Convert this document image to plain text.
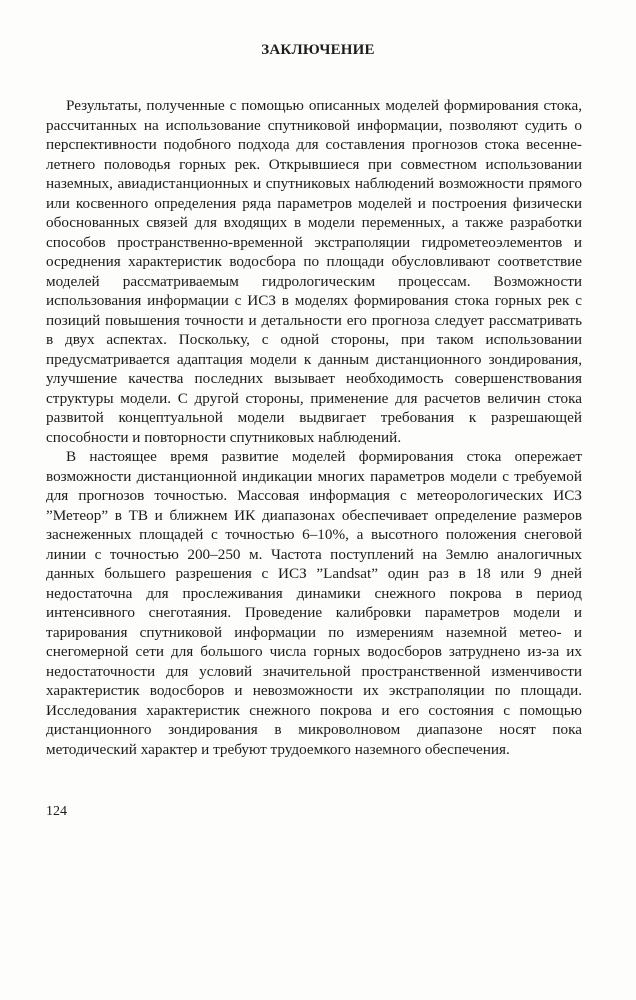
ЗАКЛЮЧЕНИЕ

Результаты, полученные с помощью описанных моделей формирования стока, рассчитанных на использование спутниковой информации, позволяют судить о перспективности подобного подхода для составления прогнозов стока весенне-летнего половодья горных рек. Открывшиеся при совместном использовании наземных, авиадистанционных и спутниковых наблюдений возможности прямого или косвенного определения ряда параметров моделей и построения физически обоснованных связей для входящих в модели переменных, а также разработки способов пространственно-временной экстраполяции гидрометеоэлементов и осреднения характеристик водосбора по площади обусловливают соответствие моделей рассматриваемым гидрологическим процессам. Возможности использования информации с ИСЗ в моделях формирования стока горных рек с позиций повышения точности и детальности его прогноза следует рассматривать в двух аспектах. Поскольку, с одной стороны, при таком использовании предусматривается адаптация модели к данным дистанционного зондирования, улучшение качества последних вызывает необходимость совершенствования структуры модели. С другой стороны, применение для расчетов величин стока развитой концептуальной модели выдвигает требования к разрешающей способности и повторности спутниковых наблюдений.

В настоящее время развитие моделей формирования стока опережает возможности дистанционной индикации многих параметров модели с требуемой для прогнозов точностью. Массовая информация с метеорологических ИСЗ ”Метеор” в ТВ и ближнем ИК диапазонах обеспечивает определение размеров заснеженных площадей с точностью 6–10%, а высотного положения снеговой линии с точностью 200–250 м. Частота поступлений на Землю аналогичных данных большего разрешения с ИСЗ ”Landsat” один раз в 18 или 9 дней недостаточна для прослеживания динамики снежного покрова в период интенсивного снеготаяния. Проведение калибровки параметров модели и тарирования спутниковой информации по измерениям наземной метео- и снегомерной сети для большого числа горных водосборов затруднено из-за их недостаточности для условий значительной пространственной изменчивости характеристик водосборов и невозможности их экстраполяции по площади. Исследования характеристик снежного покрова и его состояния с помощью дистанционного зондирования в микроволновом диапазоне носят пока методический характер и требуют трудоемкого наземного обеспечения.

124
